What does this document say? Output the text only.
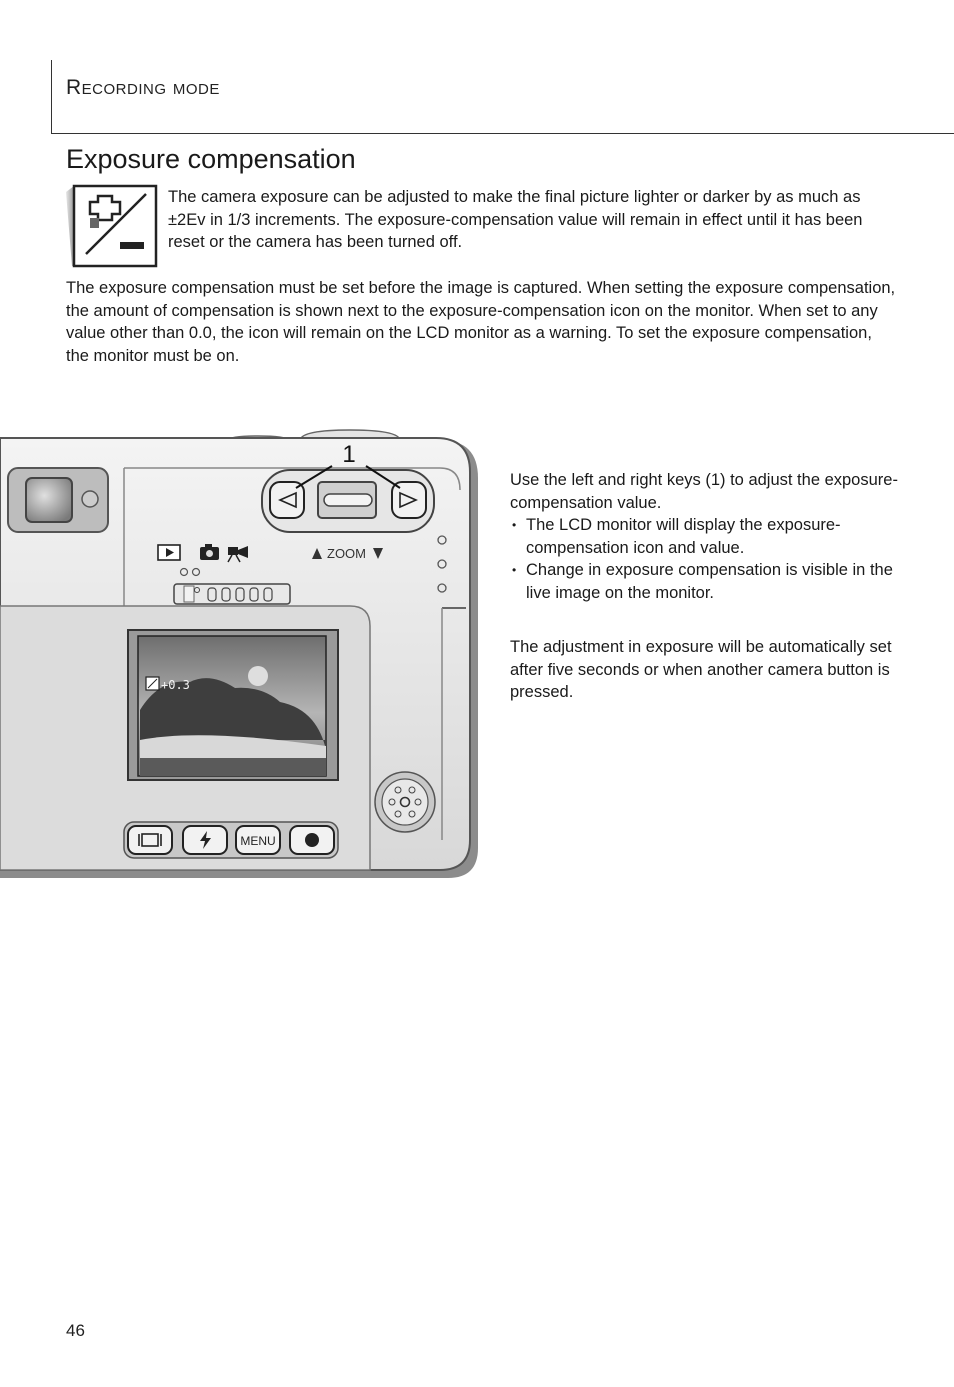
Recording mode
Exposure compensation

The camera exposure can be adjusted to make the final picture lighter or darker by as much as ±2Ev in 1/3 increments. The exposure-compensation value will remain in effect until it has been reset or the camera has been turned off.

The exposure compensation must be set before the image is captured. When setting the exposure compensation, the amount of compensation is shown next to the exposure-compensation icon on the monitor. When set to any value other than 0.0, the icon will remain on the LCD monitor as a warning. To set the exposure compensation, the monitor must be on.

1
ZOOM
+0.3
MENU

Use the left and right keys (1) to adjust the exposure-compensation value.

• The LCD monitor will display the exposure-compensation icon and value.
• Change in exposure compensation is visible in the live image on the monitor.

The adjustment in exposure will be automatically set after five seconds or when another camera button is pressed.

46
